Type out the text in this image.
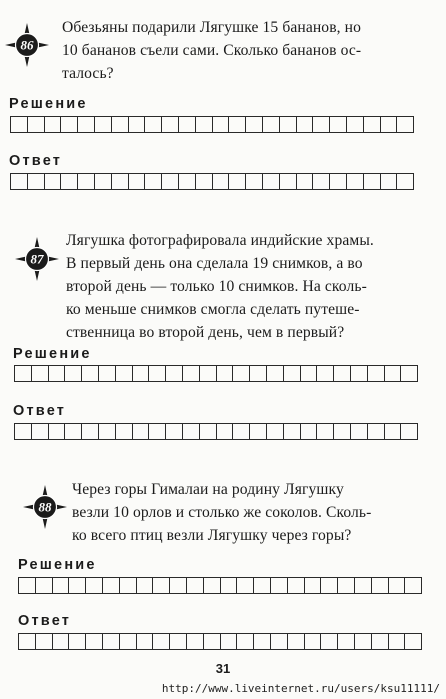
86
Обезьяны подарили Лягушке 15 бананов, но
10 бананов съели сами. Сколько бананов ос-
талось?
Решение
Ответ
87
Лягушка фотографировала индийские храмы.
В первый день она сделала 19 снимков, а во
второй день — только 10 снимков. На сколь-
ко меньше снимков смогла сделать путеше-
ственница во второй день, чем в первый?
Решение
Ответ
88
Через горы Гималаи на родину Лягушку
везли 10 орлов и столько же соколов. Сколь-
ко всего птиц везли Лягушку через горы?
Решение
Ответ
31
http://www.liveinternet.ru/users/ksu11111/
